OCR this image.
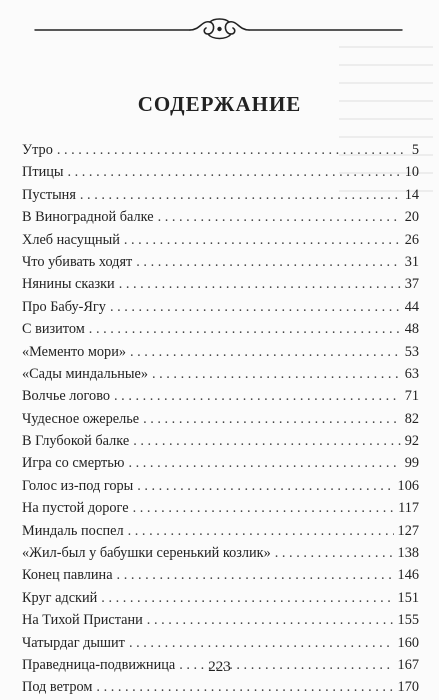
СОДЕРЖАНИЕ
Утро . . .	5
Птицы . . .	10
Пустыня . . .	14
В Виноградной балке . . .	20
Хлеб насущный . . .	26
Что убивать ходят . . .	31
Нянины сказки . . .	37
Про Бабу-Ягу . . .	44
С визитом . . .	48
«Мементо мори» . . .	53
«Сады миндальные» . . .	63
Волчье логово . . .	71
Чудесное ожерелье . . .	82
В Глубокой балке . . .	92
Игра со смертью . . .	99
Голос из-под горы . . .	106
На пустой дороге . . .	117
Миндаль поспел . . .	127
«Жил-был у бабушки серенький козлик» . . .	138
Конец павлина . . .	146
Круг адский . . .	151
На Тихой Пристани . . .	155
Чатырдаг дышит . . .	160
Праведница-подвижница . . .	167
Под ветром . . .	170
223
